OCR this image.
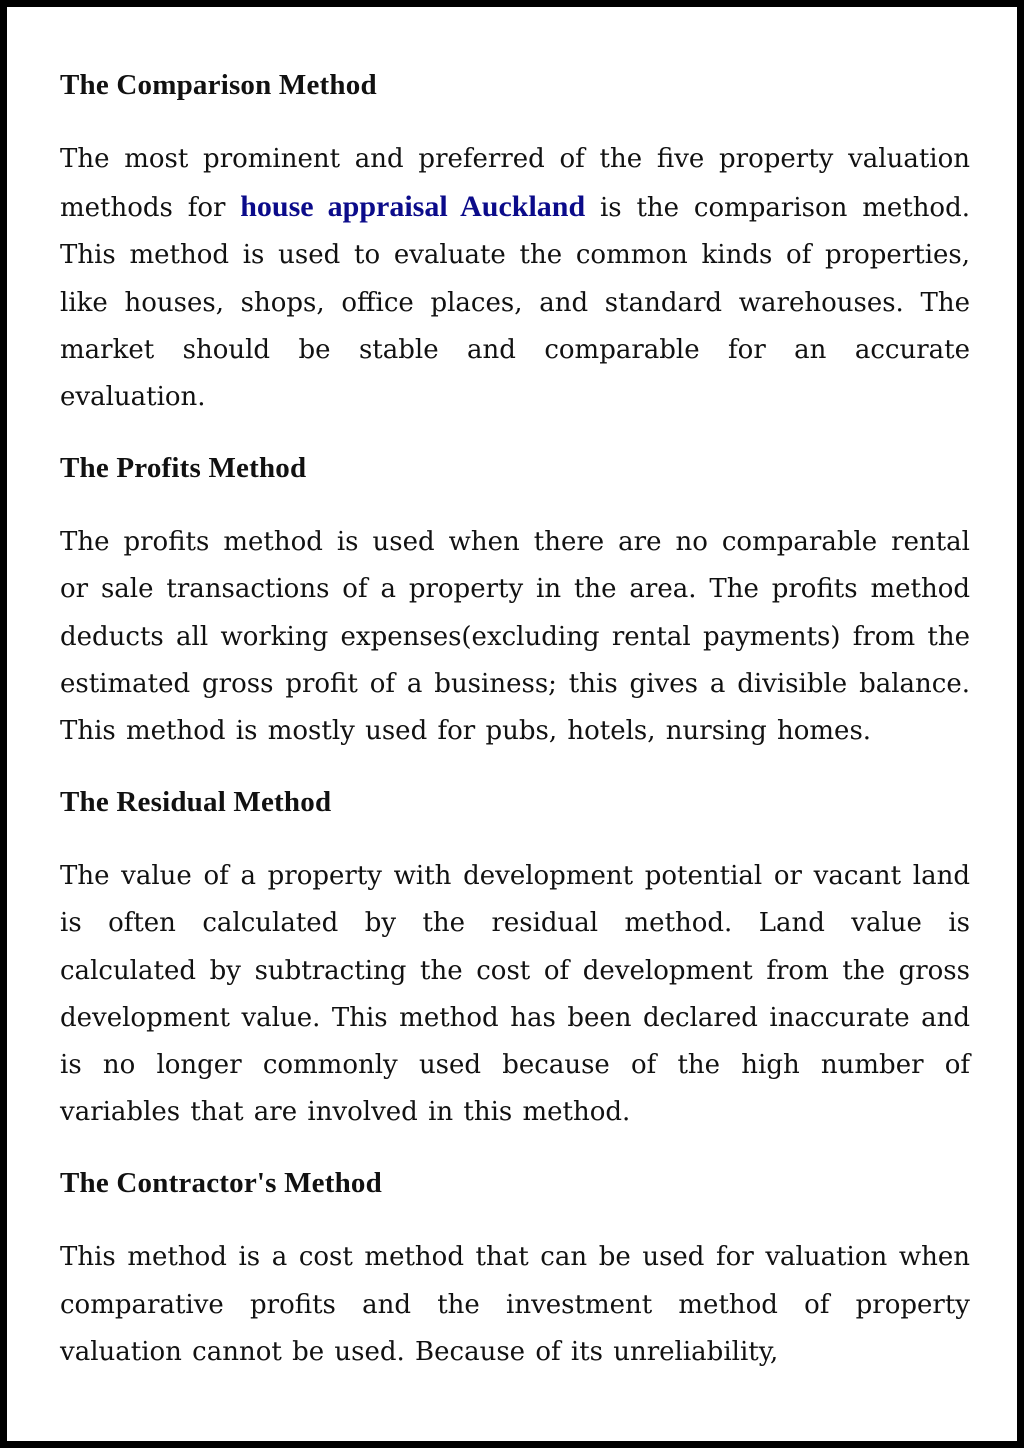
The Comparison Method

The most prominent and preferred of the five property valuation methods for house appraisal Auckland is the comparison method. This method is used to evaluate the common kinds of properties, like houses, shops, office places, and standard warehouses. The market should be stable and comparable for an accurate evaluation.

The Profits Method

The profits method is used when there are no comparable rental or sale transactions of a property in the area. The profits method deducts all working expenses(excluding rental payments) from the estimated gross profit of a business; this gives a divisible balance. This method is mostly used for pubs, hotels, nursing homes.

The Residual Method

The value of a property with development potential or vacant land is often calculated by the residual method. Land value is calculated by subtracting the cost of development from the gross development value. This method has been declared inaccurate and is no longer commonly used because of the high number of variables that are involved in this method.

The Contractor's Method

This method is a cost method that can be used for valuation when comparative profits and the investment method of property valuation cannot be used. Because of its unreliability,
